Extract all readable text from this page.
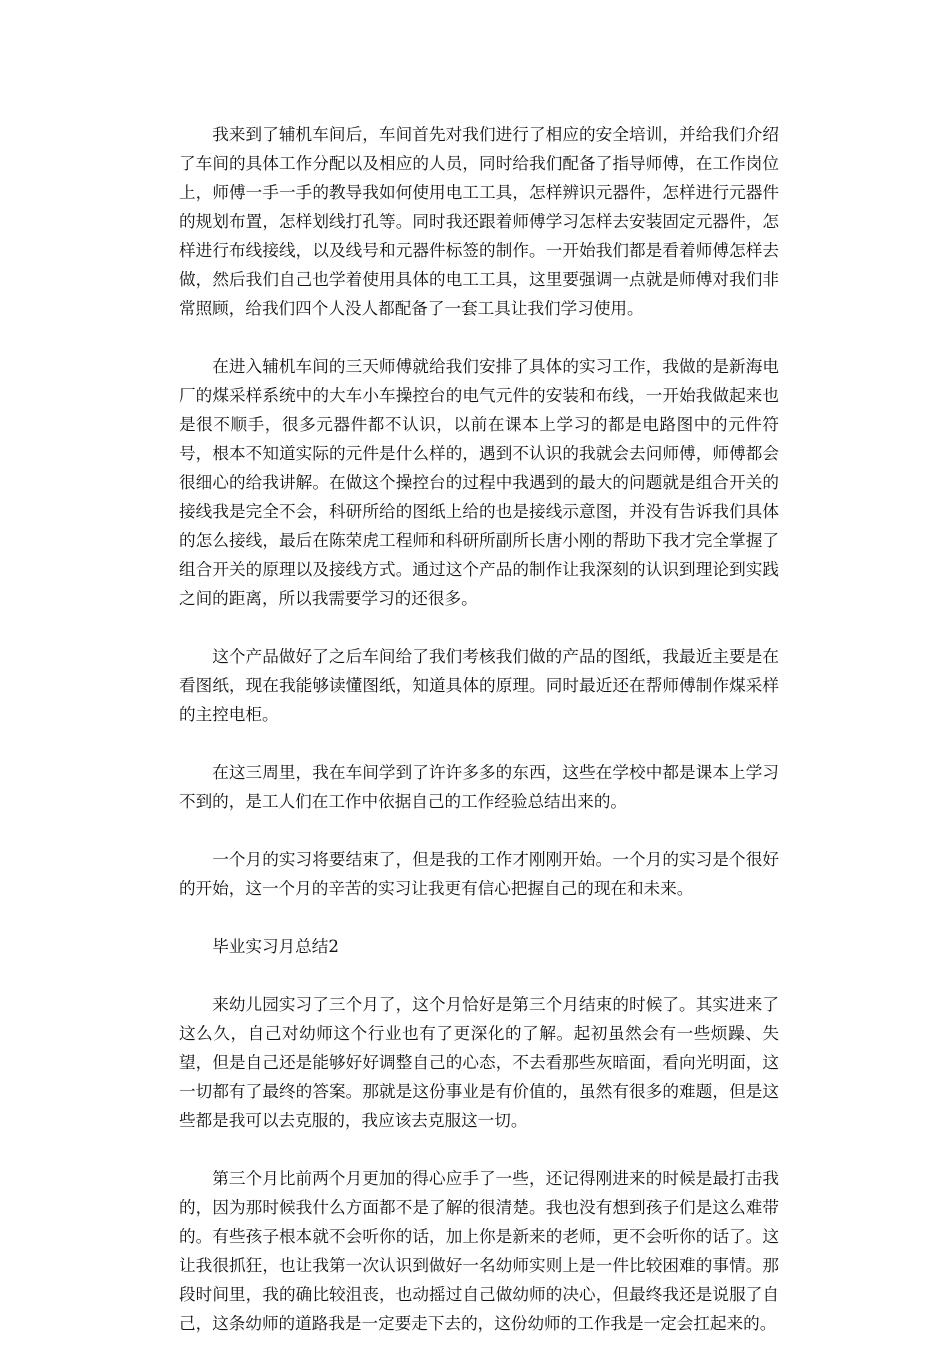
我来到了辅机车间后，车间首先对我们进行了相应的安全培训，并给我们介绍了车间的具体工作分配以及相应的人员，同时给我们配备了指导师傅，在工作岗位上，师傅一手一手的教导我如何使用电工工具，怎样辨识元器件，怎样进行元器件的规划布置，怎样划线打孔等。同时我还跟着师傅学习怎样去安装固定元器件，怎样进行布线接线，以及线号和元器件标签的制作。一开始我们都是看着师傅怎样去做，然后我们自己也学着使用具体的电工工具，这里要强调一点就是师傅对我们非常照顾，给我们四个人没人都配备了一套工具让我们学习使用。

在进入辅机车间的三天师傅就给我们安排了具体的实习工作，我做的是新海电厂的煤采样系统中的大车小车操控台的电气元件的安装和布线，一开始我做起来也是很不顺手，很多元器件都不认识，以前在课本上学习的都是电路图中的元件符号，根本不知道实际的元件是什么样的，遇到不认识的我就会去问师傅，师傅都会很细心的给我讲解。在做这个操控台的过程中我遇到的最大的问题就是组合开关的接线我是完全不会，科研所给的图纸上给的也是接线示意图，并没有告诉我们具体的怎么接线，最后在陈荣虎工程师和科研所副所长唐小刚的帮助下我才完全掌握了组合开关的原理以及接线方式。通过这个产品的制作让我深刻的认识到理论到实践之间的距离，所以我需要学习的还很多。

这个产品做好了之后车间给了我们考核我们做的产品的图纸，我最近主要是在看图纸，现在我能够读懂图纸，知道具体的原理。同时最近还在帮师傅制作煤采样的主控电柜。

在这三周里，我在车间学到了许许多多的东西，这些在学校中都是课本上学习不到的，是工人们在工作中依据自己的工作经验总结出来的。

一个月的实习将要结束了，但是我的工作才刚刚开始。一个月的实习是个很好的开始，这一个月的辛苦的实习让我更有信心把握自己的现在和未来。

毕业实习月总结2

来幼儿园实习了三个月了，这个月恰好是第三个月结束的时候了。其实进来了这么久，自己对幼师这个行业也有了更深化的了解。起初虽然会有一些烦躁、失望，但是自己还是能够好好调整自己的心态，不去看那些灰暗面，看向光明面，这一切都有了最终的答案。那就是这份事业是有价值的，虽然有很多的难题，但是这些都是我可以去克服的，我应该去克服这一切。

第三个月比前两个月更加的得心应手了一些，还记得刚进来的时候是最打击我的，因为那时候我什么方面都不是了解的很清楚。我也没有想到孩子们是这么难带的。有些孩子根本就不会听你的话，加上你是新来的老师，更不会听你的话了。这让我很抓狂，也让我第一次认识到做好一名幼师实则上是一件比较困难的事情。那段时间里，我的确比较沮丧，也动摇过自己做幼师的决心，但最终我还是说服了自己，这条幼师的道路我是一定要走下去的，这份幼师的工作我是一定会扛起来的。
